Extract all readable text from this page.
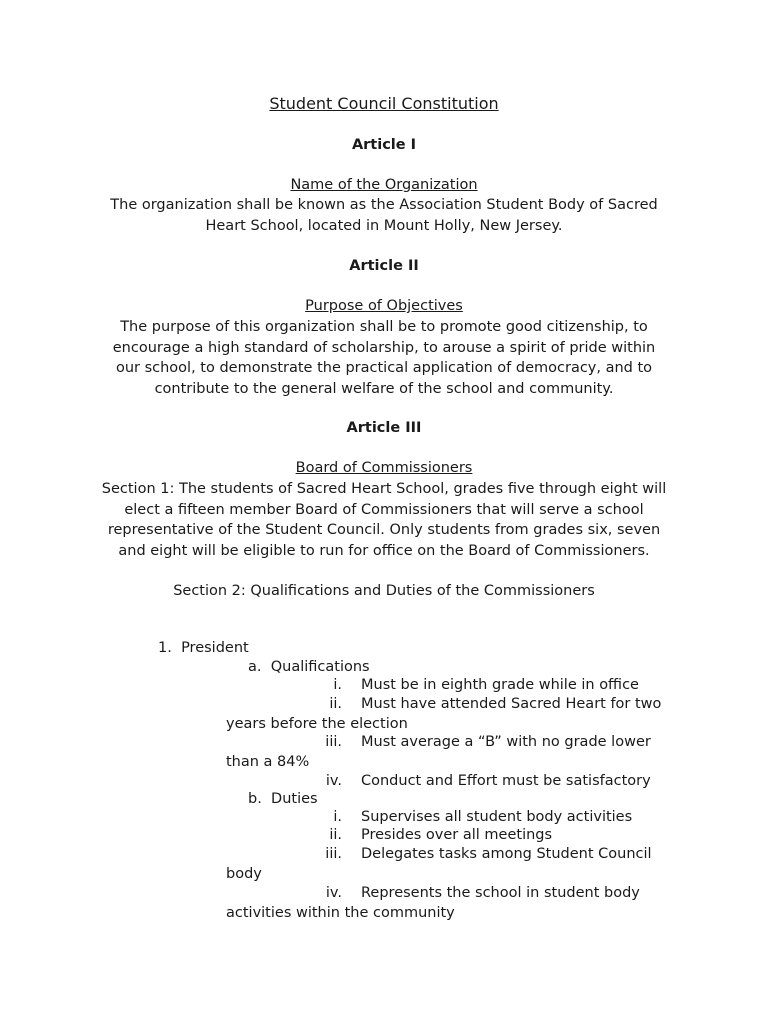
Student Council Constitution
Article I
Name of the Organization
The organization shall be known as the Association Student Body of Sacred
Heart School, located in Mount Holly, New Jersey.
Article II
Purpose of Objectives
The purpose of this organization shall be to promote good citizenship, to
encourage a high standard of scholarship, to arouse a spirit of pride within
our school, to demonstrate the practical application of democracy, and to
contribute to the general welfare of the school and community.
Article III
Board of Commissioners
Section 1: The students of Sacred Heart School, grades five through eight will
elect a fifteen member Board of Commissioners that will serve a school
representative of the Student Council. Only students from grades six, seven
and eight will be eligible to run for office on the Board of Commissioners.
Section 2: Qualifications and Duties of the Commissioners
1. President
a. Qualifications
i. Must be in eighth grade while in office
ii. Must have attended Sacred Heart for two
years before the election
iii. Must average a “B” with no grade lower
than a 84%
iv. Conduct and Effort must be satisfactory
b. Duties
i. Supervises all student body activities
ii. Presides over all meetings
iii. Delegates tasks among Student Council
body
iv. Represents the school in student body
activities within the community
